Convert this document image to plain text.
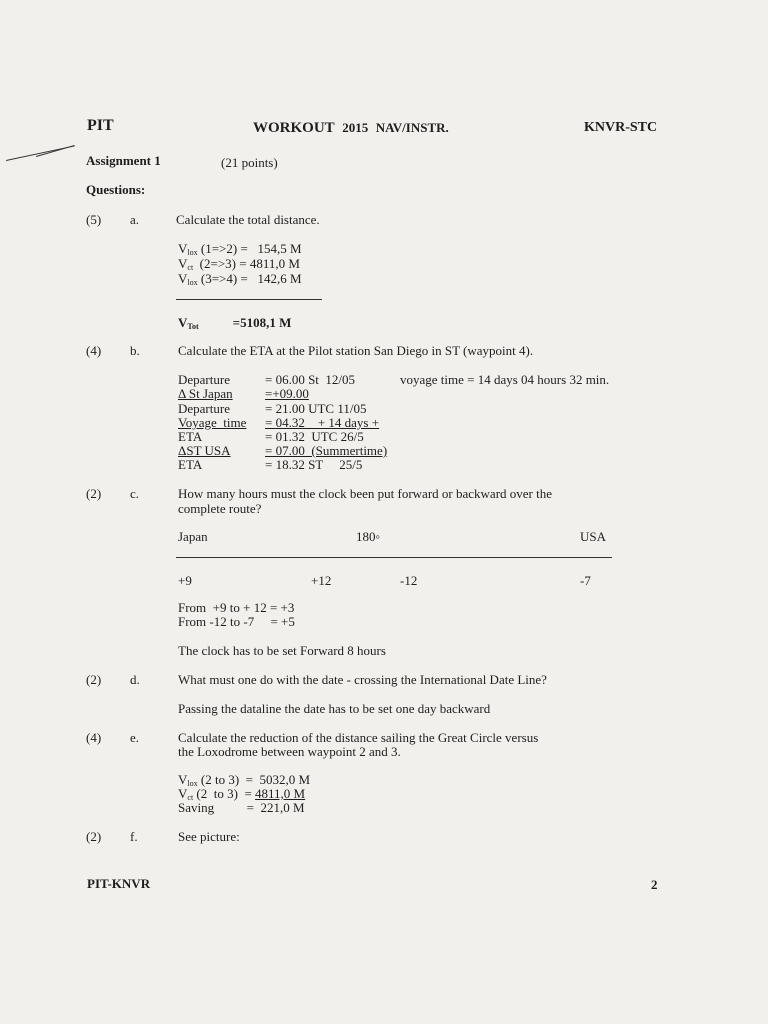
PIT	WORKOUT 2015 NAV/INSTR.	KNVR-STC
Assignment 1	(21 points)
Questions:
(5) a.	Calculate the total distance.
$V_{lox}$ (1=>2) =   154,5 M
$V_{ct}$  (2=>3) = 4811,0 M
$V_{lox}$ (3=>4) =   142,6 M
$V_{Tot}$	=5108,1 M
(4) b.	Calculate the ETA at the Pilot station San Diego in ST (waypoint 4).
Departure	= 06.00 St  12/05	voyage time = 14 days 04 hours 32 min.
Δ St Japan =+09.00
Departure	= 21.00 UTC 11/05
Voyage  time = 04.32    + 14 days +
ETA	= 01.32  UTC 26/5
ΔST USA	= 07.00  (Summertime)
ETA	= 18.32 ST     25/5
(2) c.	How many hours must the clock been put forward or backward over the
complete route?
Japan	180◦	USA
+9	+12	-12	-7
From  +9 to + 12 = +3
From -12 to -7     = +5
The clock has to be set Forward 8 hours
(2) d.	What must one do with the date - crossing the International Date Line?
Passing the dataline the date has to be set one day backward
(4) e.	Calculate the reduction of the distance sailing the Great Circle versus
the Loxodrome between waypoint 2 and 3.
$V_{lox}$ (2 to 3)  =  5032,0 M
$V_{ct}$ (2  to 3)  = 4811,0 M
Saving          =  221,0 M
(2) f.	See picture:
PIT-KNVR	2
